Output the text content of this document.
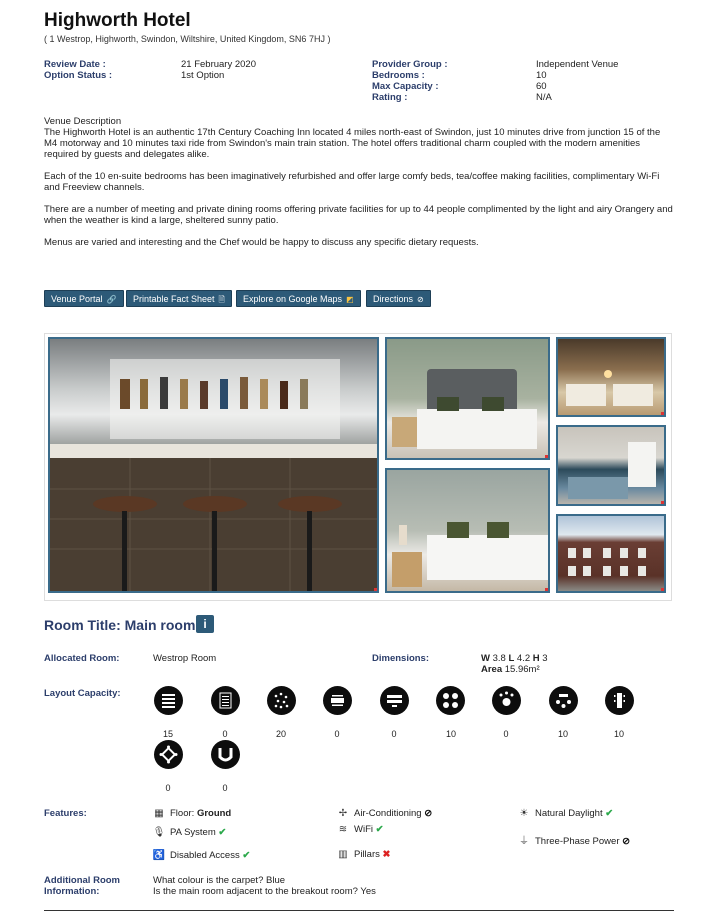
Highworth Hotel
( 1 Westrop, Highworth, Swindon, Wiltshire, United Kingdom, SN6 7HJ )
Review Date :	21 February 2020
Option Status :	1st Option
Provider Group :	Independent Venue
Bedrooms :	10
Max Capacity :	60
Rating :	N/A
Venue Description

The Highworth Hotel is an authentic 17th Century Coaching Inn located 4 miles north-east of Swindon, just 10 minutes drive from junction 15 of the M4 motorway and 10 minutes taxi ride from Swindon's main train station. The hotel offers traditional charm coupled with the modern amenities required by guests and delegates alike.

Each of the 10 en-suite bedrooms has been imaginatively refurbished and offer large comfy beds, tea/coffee making facilities, complimentary Wi-Fi and Freeview channels.

There are a number of meeting and private dining rooms offering private facilities for up to 44 people complimented by the light and airy Orangery and when the weather is kind a large, sheltered sunny patio.

Menus are varied and interesting and the Chef would be happy to discuss any specific dietary requests.

Venue Portal 🔗	Printable Fact Sheet 🗎	Explore on Google Maps ◩	Directions ⊘
Room Title: Main room i
Allocated Room:	Westrop Room	Dimensions:	W 3.8 L 4.2 H 3
Area 15.96m²
Layout Capacity:
15	0	20	0	0	10	0	10	10
0	0
Features:	▦ Floor: Ground
🎙 PA System ✔
♿ Disabled Access ✔
✢ Air-Conditioning ⊘
≋ WiFi ✔
▥ Pillars ✖
☀ Natural Daylight ✔
⏚ Three-Phase Power ⊘
Additional Room
Information:
What colour is the carpet? Blue
Is the main room adjacent to the breakout room? Yes
